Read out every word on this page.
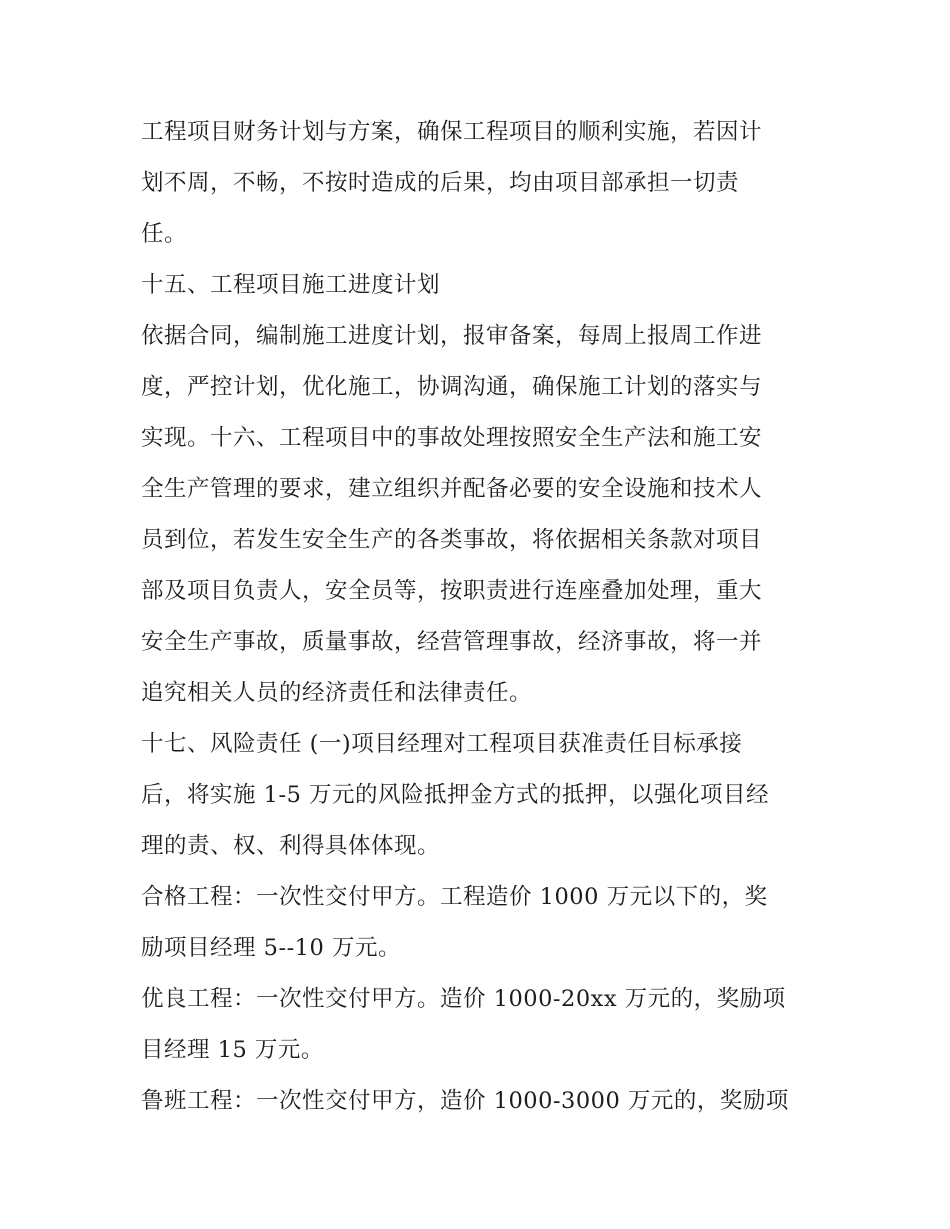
工程项目财务计划与方案，确保工程项目的顺利实施，若因计
划不周，不畅，不按时造成的后果，均由项目部承担一切责
任。
十五、工程项目施工进度计划
依据合同，编制施工进度计划，报审备案，每周上报周工作进
度，严控计划，优化施工，协调沟通，确保施工计划的落实与
实现。十六、工程项目中的事故处理按照安全生产法和施工安
全生产管理的要求，建立组织并配备必要的安全设施和技术人
员到位，若发生安全生产的各类事故，将依据相关条款对项目
部及项目负责人，安全员等，按职责进行连座叠加处理，重大
安全生产事故，质量事故，经营管理事故，经济事故，将一并
追究相关人员的经济责任和法律责任。
十七、风险责任 (一)项目经理对工程项目获准责任目标承接
后，将实施 1-5 万元的风险抵押金方式的抵押，以强化项目经
理的责、权、利得具体体现。
合格工程：一次性交付甲方。工程造价 1000 万元以下的，奖
励项目经理 5--10 万元。
优良工程：一次性交付甲方。造价 1000-20xx 万元的，奖励项
目经理 15 万元。
鲁班工程：一次性交付甲方，造价 1000-3000 万元的，奖励项
